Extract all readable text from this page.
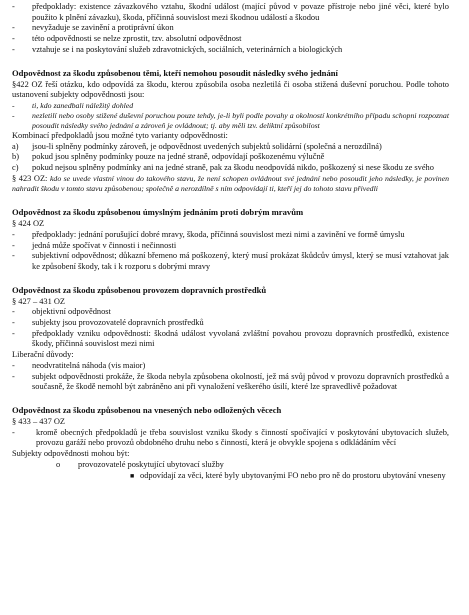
-	předpoklady: existence závazkového vztahu, škodní událost (mající původ v povaze přístroje nebo jiné věci, které bylo použito k plnění závazku), škoda, příčinná souvislost mezi škodnou událostí a škodou
-	nevyžaduje se zavinění a protiprávní úkon
-	této odpovědnosti se nelze zprostit, tzv. absolutní odpovědnost
-	vztahuje se i na poskytování služeb zdravotnických, sociálních, veterinárních a biologických
Odpovědnost za škodu způsobenou těmi, kteří nemohou posoudit následky svého jednání

§422 OZ řeší otázku, kdo odpovídá za škodu, kterou způsobila osoba nezletilá či osoba stižená duševní poruchou. Podle tohoto ustanovení subjekty odpovědnosti jsou:

-	ti, kdo zanedbali náležitý dohled
-	nezletilí nebo osoby stižené duševní poruchou pouze tehdy, je-li byli podle povahy a okolností konkrétního případu schopni rozpoznat posoudit následky svého jednání a zároveň je ovládnout; tj. aby měli tzv. deliktní způsobilost

Kombinací předpokladů jsou možné tyto varianty odpovědnosti:

a)	jsou-li splněny podmínky zároveň, je odpovědnost uvedených subjektů solidární (společná a nerozdílná)
b)	pokud jsou splněny podmínky pouze na jedné straně, odpovídají poškozenému výlučně
c)	pokud nejsou splněny podmínky ani na jedné straně, pak za škodu neodpovídá nikdo, poškozený si nese škodu ze svého

§ 423 OZ: kdo se uvede vlastní vinou do takového stavu, že není schopen ovládnout své jednání nebo posoudit jeho následky, je povinen nahradit škodu v tomto stavu způsobenou; společně a nerozdílně s ním odpovídají ti, kteří jej do tohoto stavu přivedli

Odpovědnost za škodu způsobenou úmyslným jednáním proti dobrým mravům

§ 424 OZ

-	předpoklady: jednání porušující dobré mravy, škoda, příčinná souvislost mezi nimi a zavinění ve formě úmyslu
-	jedná může spočívat v činnosti i nečinnosti
-	subjektivní odpovědnost; důkazní břemeno má poškozený, který musí prokázat škůdcův úmysl, který se musí vztahovat jak ke způsobení škody, tak i k rozporu s dobrými mravy
Odpovědnost za škodu způsobenou provozem dopravních prostředků

§ 427 – 431 OZ

-	objektivní odpovědnost
-	subjekty jsou provozovatelé dopravních prostředků
-	předpoklady vzniku odpovědnosti: škodná událost vyvolaná zvláštní povahou provozu dopravních prostředků, existence škody, příčinná souvislost mezi nimi

Liberační důvody:

-	neodvratitelná náhoda (vis maior)
-	subjekt odpovědnosti prokáže, že škoda nebyla způsobena okolností, jež má svůj původ v provozu dopravních prostředků a současně, že škodě nemohl být zabráněno ani při vynaložení veškerého úsilí, které lze spravedlivě požadovat
Odpovědnost za škodu způsobenou na vnesených nebo odložených věcech

§ 433 – 437 OZ

-	kromě obecných předpokladů je třeba souvislost vzniku škody s činností spočívající v poskytování ubytovacích služeb, provozu garáží nebo provozů obdobného druhu nebo s činností, která je obvykle spojena s odkládáním věcí

Subjekty odpovědnosti mohou být:

o	provozovatelé poskytující ubytovací služby
■ odpovídají za věci, které byly ubytovanými FO nebo pro ně do prostoru ubytování vneseny
